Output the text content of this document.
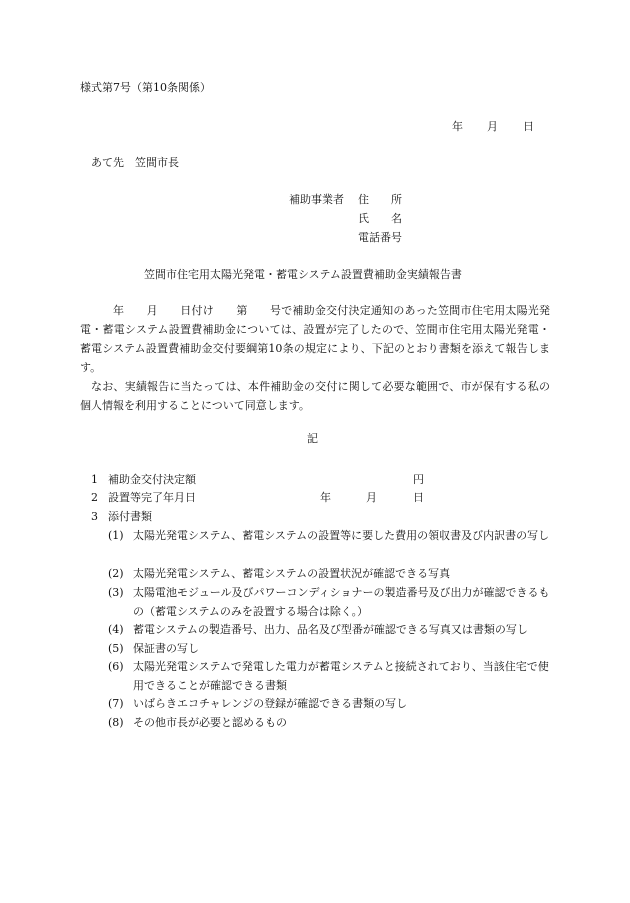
様式第7号（第10条関係）
年 月 日
あて先　笠間市長
補助事業者 住　　所
氏　　名
電話番号
笠間市住宅用太陽光発電・蓄電システム設置費補助金実績報告書

年　　月　　日付け　　第　　号で補助金交付決定通知のあった笠間市住宅用太陽光発電・蓄電システム設置費補助金については、設置が完了したので、笠間市住宅用太陽光発電・蓄電システム設置費補助金交付要綱第10条の規定により、下記のとおり書類を添えて報告します。

なお、実績報告に当たっては、本件補助金の交付に関して必要な範囲で、市が保有する私の個人情報を利用することについて同意します。

記
1 補助金交付決定額	円
2 設置等完了年月日	年	月	日
3 添付書類
(1) 太陽光発電システム、蓄電システムの設置等に要した費用の領収書及び内訳書の写し
(2) 太陽光発電システム、蓄電システムの設置状況が確認できる写真
(3) 太陽電池モジュール及びパワーコンディショナーの製造番号及び出力が確認できるもの（蓄電システムのみを設置する場合は除く。）
(4) 蓄電システムの製造番号、出力、品名及び型番が確認できる写真又は書類の写し
(5) 保証書の写し
(6) 太陽光発電システムで発電した電力が蓄電システムと接続されており、当該住宅で使用できることが確認できる書類
(7) いばらきエコチャレンジの登録が確認できる書類の写し
(8) その他市長が必要と認めるもの
